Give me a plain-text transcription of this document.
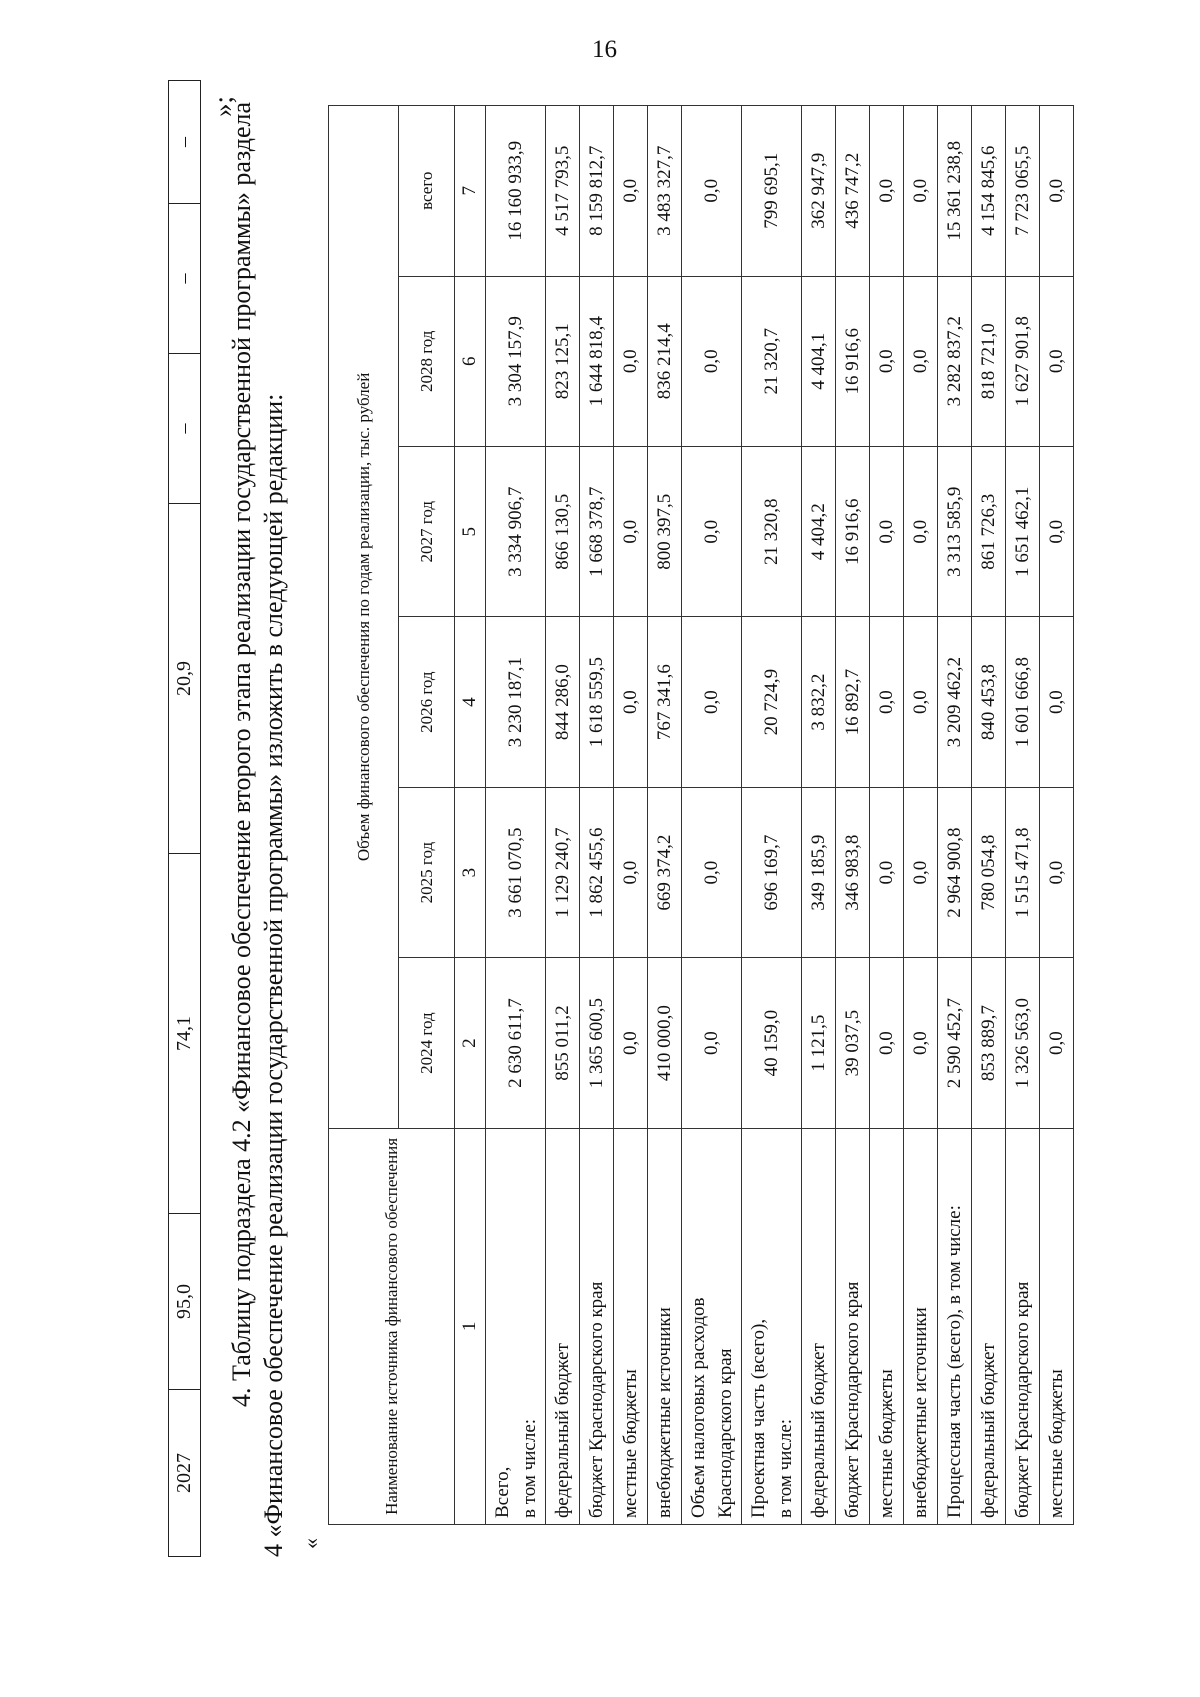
16
2027
95,0
74,1
20,9
–
–
–
»;
4. Таблицу подраздела 4.2 «Финансовое обеспечение второго этапа реализации государственной программы» раздела 4 «Финансовое обеспечение реализации государственной программы» изложить в следующей редакции: «
Наименование источника финансового обеспечения	Объем финансового обеспечения по годам реализации, тыс. рублей					
	2024 год	2025 год	2026 год	2027 год	2028 год	всего
1	2	3	4	5	6	7
Всего, в том числе:	2 630 611,7	3 661 070,5	3 230 187,1	3 334 906,7	3 304 157,9	16 160 933,9
федеральный бюджет	855 011,2	1 129 240,7	844 286,0	866 130,5	823 125,1	4 517 793,5
бюджет Краснодарского края	1 365 600,5	1 862 455,6	1 618 559,5	1 668 378,7	1 644 818,4	8 159 812,7
местные бюджеты	0,0	0,0	0,0	0,0	0,0	0,0
внебюджетные источники	410 000,0	669 374,2	767 341,6	800 397,5	836 214,4	3 483 327,7
Объем налоговых расходов Краснодарского края	0,0	0,0	0,0	0,0	0,0	0,0
Проектная часть (всего), в том числе:	40 159,0	696 169,7	20 724,9	21 320,8	21 320,7	799 695,1
федеральный бюджет	1 121,5	349 185,9	3 832,2	4 404,2	4 404,1	362 947,9
бюджет Краснодарского края	39 037,5	346 983,8	16 892,7	16 916,6	16 916,6	436 747,2
местные бюджеты	0,0	0,0	0,0	0,0	0,0	0,0
внебюджетные источники	0,0	0,0	0,0	0,0	0,0	0,0
Процессная часть (всего), в том числе:	2 590 452,7	2 964 900,8	3 209 462,2	3 313 585,9	3 282 837,2	15 361 238,8
федеральный бюджет	853 889,7	780 054,8	840 453,8	861 726,3	818 721,0	4 154 845,6
бюджет Краснодарского края	1 326 563,0	1 515 471,8	1 601 666,8	1 651 462,1	1 627 901,8	7 723 065,5
местные бюджеты	0,0	0,0	0,0	0,0	0,0	0,0
